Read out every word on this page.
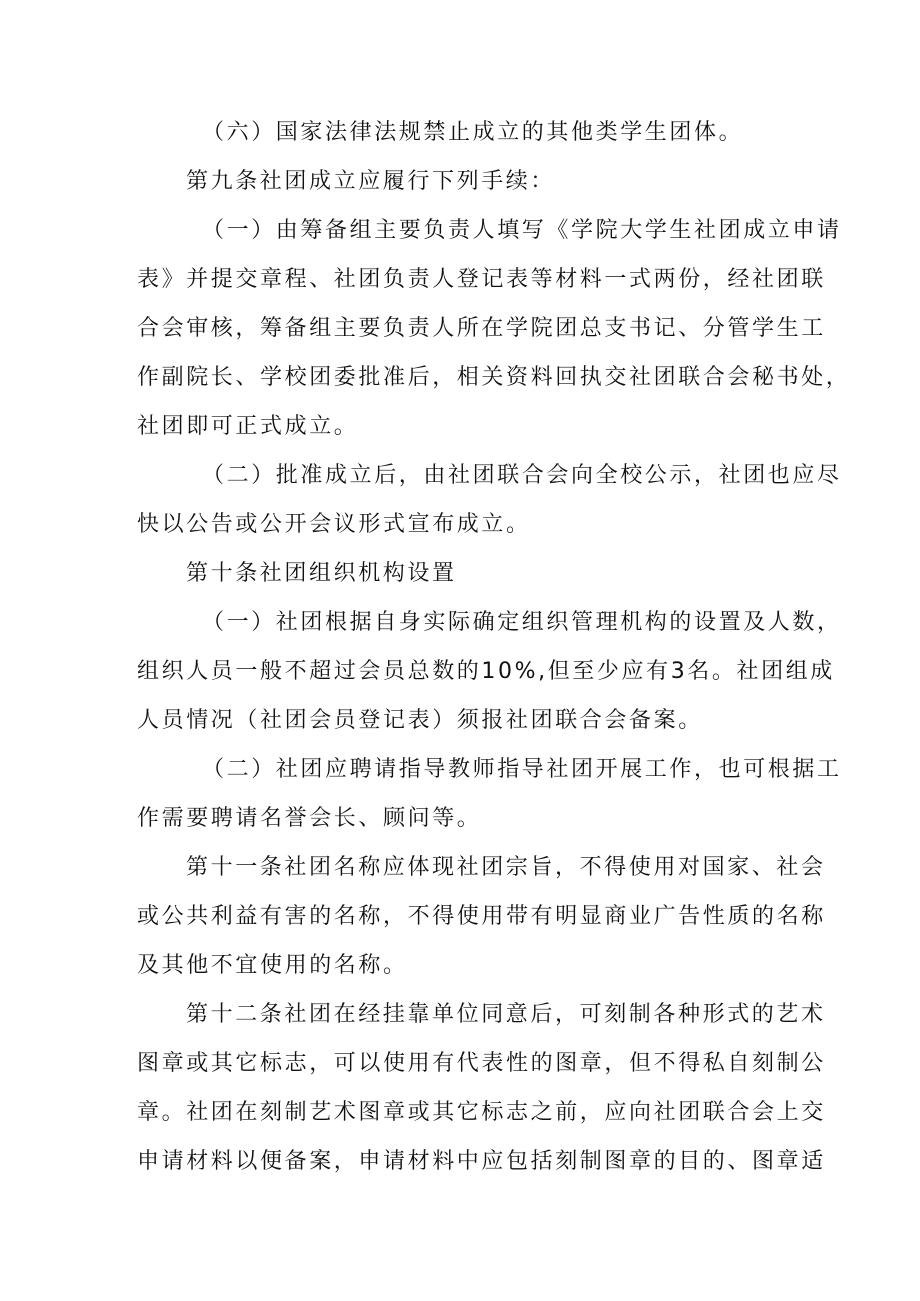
（六）国家法律法规禁止成立的其他类学生团体。
第九条社团成立应履行下列手续：
（一）由筹备组主要负责人填写《学院大学生社团成立申请
表》并提交章程、社团负责人登记表等材料一式两份，经社团联
合会审核，筹备组主要负责人所在学院团总支书记、分管学生工
作副院长、学校团委批准后，相关资料回执交社团联合会秘书处，
社团即可正式成立。
（二）批准成立后，由社团联合会向全校公示，社团也应尽
快以公告或公开会议形式宣布成立。
第十条社团组织机构设置
（一）社团根据自身实际确定组织管理机构的设置及人数，
组织人员一般不超过会员总数的10%,但至少应有3名。社团组成
人员情况（社团会员登记表）须报社团联合会备案。
（二）社团应聘请指导教师指导社团开展工作，也可根据工
作需要聘请名誉会长、顾问等。
第十一条社团名称应体现社团宗旨，不得使用对国家、社会
或公共利益有害的名称，不得使用带有明显商业广告性质的名称
及其他不宜使用的名称。
第十二条社团在经挂靠单位同意后，可刻制各种形式的艺术
图章或其它标志，可以使用有代表性的图章，但不得私自刻制公
章。社团在刻制艺术图章或其它标志之前，应向社团联合会上交
申请材料以便备案，申请材料中应包括刻制图章的目的、图章适
